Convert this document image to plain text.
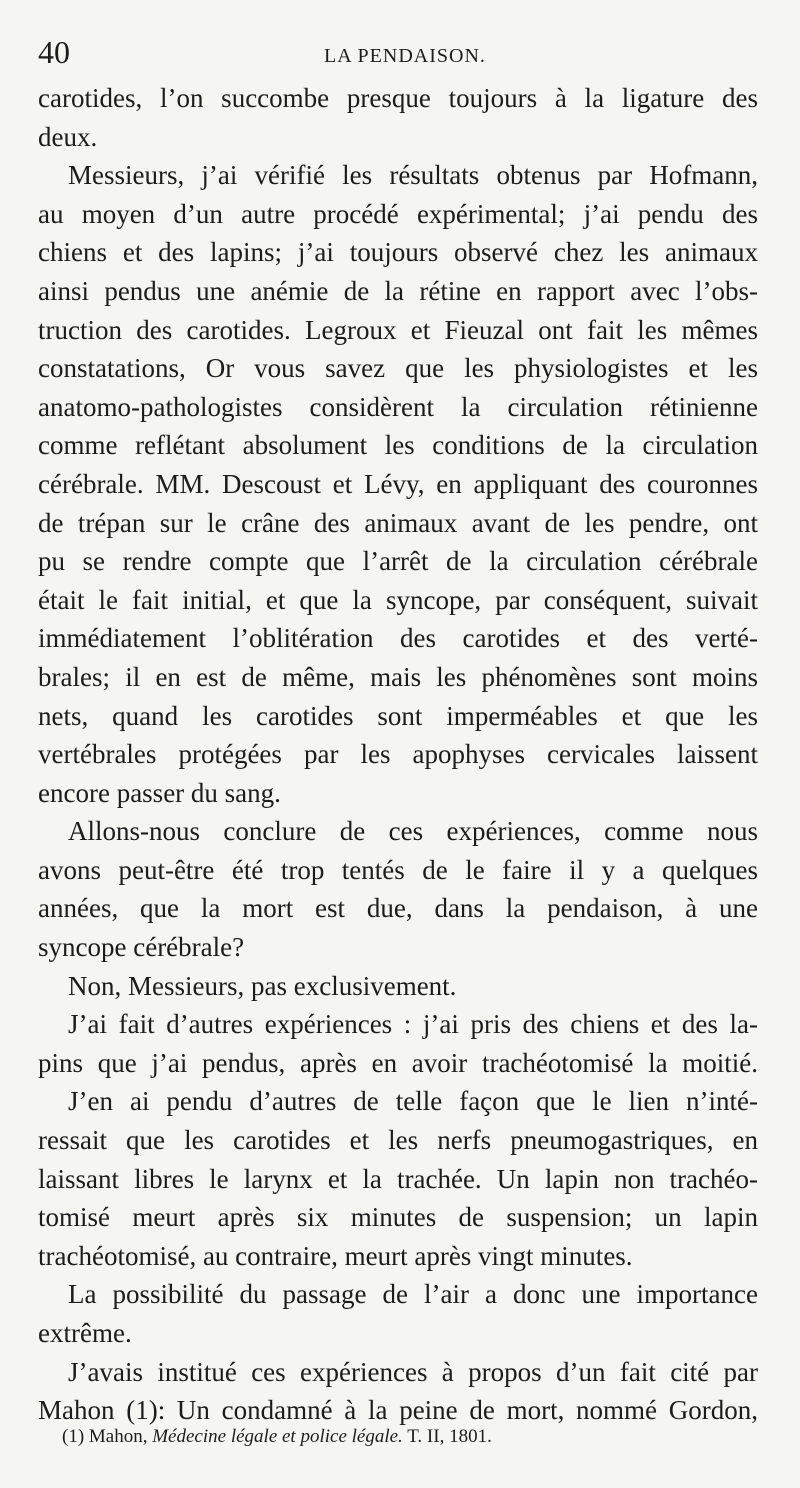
40	LA PENDAISON.
carotides, l’on succombe presque toujours à la ligature des
deux.
Messieurs, j’ai vérifié les résultats obtenus par Hofmann,
au moyen d’un autre procédé expérimental; j’ai pendu des
chiens et des lapins; j’ai toujours observé chez les animaux
ainsi pendus une anémie de la rétine en rapport avec l’obs-
truction des carotides. Legroux et Fieuzal ont fait les mêmes
constatations, Or vous savez que les physiologistes et les
anatomo-pathologistes considèrent la circulation rétinienne
comme reflétant absolument les conditions de la circulation
cérébrale. MM. Descoust et Lévy, en appliquant des couronnes
de trépan sur le crâne des animaux avant de les pendre, ont
pu se rendre compte que l’arrêt de la circulation cérébrale
était le fait initial, et que la syncope, par conséquent, suivait
immédiatement l’oblitération des carotides et des verté-
brales; il en est de même, mais les phénomènes sont moins
nets, quand les carotides sont imperméables et que les
vertébrales protégées par les apophyses cervicales laissent
encore passer du sang.
Allons-nous conclure de ces expériences, comme nous
avons peut-être été trop tentés de le faire il y a quelques
années, que la mort est due, dans la pendaison, à une
syncope cérébrale?
Non, Messieurs, pas exclusivement.
J’ai fait d’autres expériences : j’ai pris des chiens et des la-
pins que j’ai pendus, après en avoir trachéotomisé la moitié.
J’en ai pendu d’autres de telle façon que le lien n’inté-
ressait que les carotides et les nerfs pneumogastriques, en
laissant libres le larynx et la trachée. Un lapin non trachéo-
tomisé meurt après six minutes de suspension; un lapin
trachéotomisé, au contraire, meurt après vingt minutes.
La possibilité du passage de l’air a donc une importance
extrême.
J’avais institué ces expériences à propos d’un fait cité par
Mahon (1): Un condamné à la peine de mort, nommé Gordon,
(1) Mahon, Médecine légale et police légale. T. II, 1801.
